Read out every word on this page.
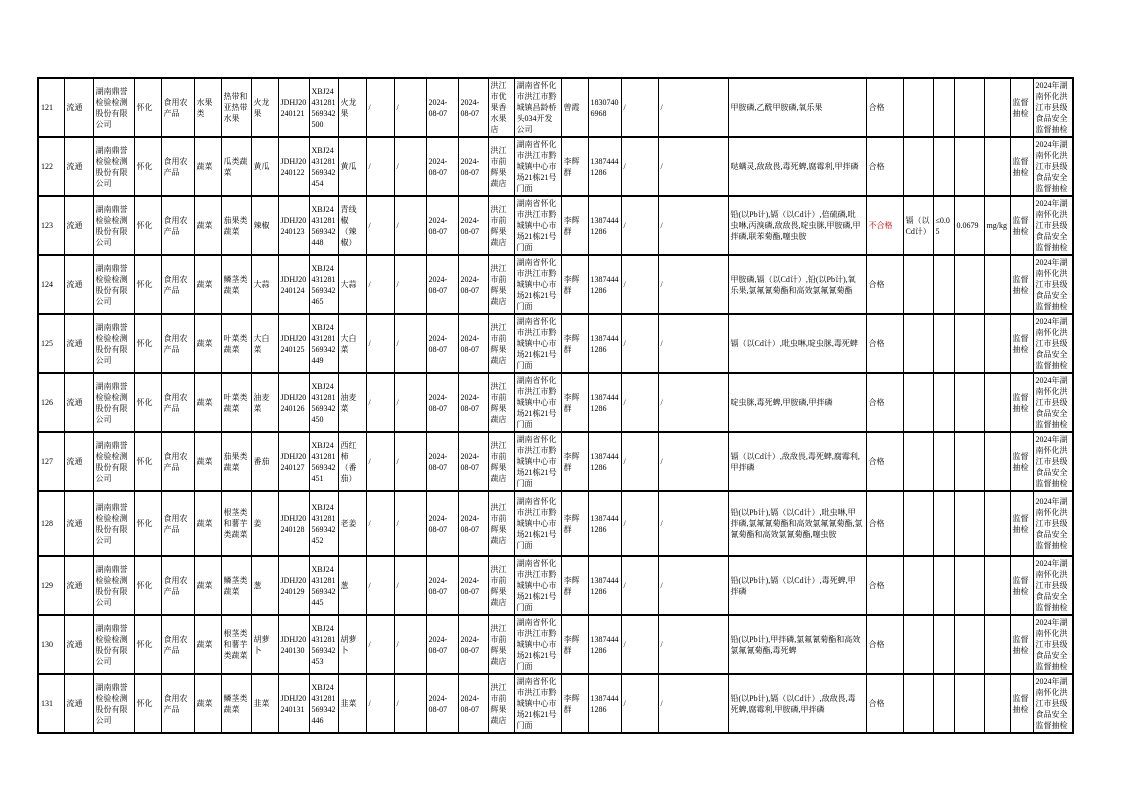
121	流通	湖南鼎誉检验检测股份有限公司	怀化	食用农产品	水果类	热带和亚热带水果	火龙果	JDHJ20240121	XBJ24431281569342500	火龙果	/	/	2024-08-07	2024-08-07	洪江市优果香水果店	湖南省怀化市洪江市黔城镇昌龄桥头034开发公司	曾霞	18307406968	/	/	甲胺磷,乙酰甲胺磷,氧乐果	合格					监督抽检	2024年湖南怀化洪江市县级食品安全监督抽检
122	流通	湖南鼎誉检验检测股份有限公司	怀化	食用农产品	蔬菜	瓜类蔬菜	黄瓜	JDHJ20240122	XBJ24431281569342454	黄瓜	/	/	2024-08-07	2024-08-07	洪江市前辉果蔬店	湖南省怀化市洪江市黔城镇中心市场21栋21号门面	李辉群	13874441286	/	/	哒螨灵,敌敌畏,毒死蜱,腐霉利,甲拌磷	合格					监督抽检	2024年湖南怀化洪江市县级食品安全监督抽检
123	流通	湖南鼎誉检验检测股份有限公司	怀化	食用农产品	蔬菜	茄果类蔬菜	辣椒	JDHJ20240123	XBJ24431281569342448	青线椒（辣椒）	/	/	2024-08-07	2024-08-07	洪江市前辉果蔬店	湖南省怀化市洪江市黔城镇中心市场21栋21号门面	李辉群	13874441286	/	/	铅(以Pb计),镉（以Cd计）,倍硫磷,吡虫啉,丙溴磷,敌敌畏,啶虫脒,甲胺磷,甲拌磷,联苯菊酯,噻虫胺	不合格	镉（以Cd计）	≤0.05	0.0679	mg/kg	监督抽检	2024年湖南怀化洪江市县级食品安全监督抽检
124	流通	湖南鼎誉检验检测股份有限公司	怀化	食用农产品	蔬菜	鳞茎类蔬菜	大蒜	JDHJ20240124	XBJ24431281569342465	大蒜	/	/	2024-08-07	2024-08-07	洪江市前辉果蔬店	湖南省怀化市洪江市黔城镇中心市场21栋21号门面	李辉群	13874441286	/	/	甲胺磷,镉（以Cd计）,铅(以Pb计),氧乐果,氯氟氰菊酯和高效氯氟氰菊酯	合格					监督抽检	2024年湖南怀化洪江市县级食品安全监督抽检
125	流通	湖南鼎誉检验检测股份有限公司	怀化	食用农产品	蔬菜	叶菜类蔬菜	大白菜	JDHJ20240125	XBJ24431281569342449	大白菜	/	/	2024-08-07	2024-08-07	洪江市前辉果蔬店	湖南省怀化市洪江市黔城镇中心市场21栋21号门面	李辉群	13874441286	/	/	镉（以Cd计）,吡虫啉,啶虫脒,毒死蜱	合格					监督抽检	2024年湖南怀化洪江市县级食品安全监督抽检
126	流通	湖南鼎誉检验检测股份有限公司	怀化	食用农产品	蔬菜	叶菜类蔬菜	油麦菜	JDHJ20240126	XBJ24431281569342450	油麦菜	/	/	2024-08-07	2024-08-07	洪江市前辉果蔬店	湖南省怀化市洪江市黔城镇中心市场21栋21号门面	李辉群	13874441286	/	/	啶虫脒,毒死蜱,甲胺磷,甲拌磷	合格					监督抽检	2024年湖南怀化洪江市县级食品安全监督抽检
127	流通	湖南鼎誉检验检测股份有限公司	怀化	食用农产品	蔬菜	茄果类蔬菜	番茄	JDHJ20240127	XBJ24431281569342451	西红柿（番茄）	/	/	2024-08-07	2024-08-07	洪江市前辉果蔬店	湖南省怀化市洪江市黔城镇中心市场21栋21号门面	李辉群	13874441286	/	/	镉（以Cd计）,敌敌畏,毒死蜱,腐霉利,甲拌磷	合格					监督抽检	2024年湖南怀化洪江市县级食品安全监督抽检
128	流通	湖南鼎誉检验检测股份有限公司	怀化	食用农产品	蔬菜	根茎类和薯芋类蔬菜	姜	JDHJ20240128	XBJ24431281569342452	老姜	/	/	2024-08-07	2024-08-07	洪江市前辉果蔬店	湖南省怀化市洪江市黔城镇中心市场21栋21号门面	李辉群	13874441286	/	/	铅(以Pb计),镉（以Cd计）,吡虫啉,甲拌磷,氯氟氰菊酯和高效氯氟氰菊酯,氯氰菊酯和高效氯氰菊酯,噻虫胺	合格					监督抽检	2024年湖南怀化洪江市县级食品安全监督抽检
129	流通	湖南鼎誉检验检测股份有限公司	怀化	食用农产品	蔬菜	鳞茎类蔬菜	葱	JDHJ20240129	XBJ24431281569342445	葱	/	/	2024-08-07	2024-08-07	洪江市前辉果蔬店	湖南省怀化市洪江市黔城镇中心市场21栋21号门面	李辉群	13874441286	/	/	铅(以Pb计),镉（以Cd计）,毒死蜱,甲拌磷	合格					监督抽检	2024年湖南怀化洪江市县级食品安全监督抽检
130	流通	湖南鼎誉检验检测股份有限公司	怀化	食用农产品	蔬菜	根茎类和薯芋类蔬菜	胡萝卜	JDHJ20240130	XBJ24431281569342453	胡萝卜	/	/	2024-08-07	2024-08-07	洪江市前辉果蔬店	湖南省怀化市洪江市黔城镇中心市场21栋21号门面	李辉群	13874441286	/	/	铅(以Pb计),甲拌磷,氯氟氰菊酯和高效氯氟氰菊酯,毒死蜱	合格					监督抽检	2024年湖南怀化洪江市县级食品安全监督抽检
131	流通	湖南鼎誉检验检测股份有限公司	怀化	食用农产品	蔬菜	鳞茎类蔬菜	韭菜	JDHJ20240131	XBJ24431281569342446	韭菜	/	/	2024-08-07	2024-08-07	洪江市前辉果蔬店	湖南省怀化市洪江市黔城镇中心市场21栋21号门面	李辉群	13874441286	/	/	铅(以Pb计),镉（以Cd计）,敌敌畏,毒死蜱,腐霉利,甲胺磷,甲拌磷	合格					监督抽检	2024年湖南怀化洪江市县级食品安全监督抽检
